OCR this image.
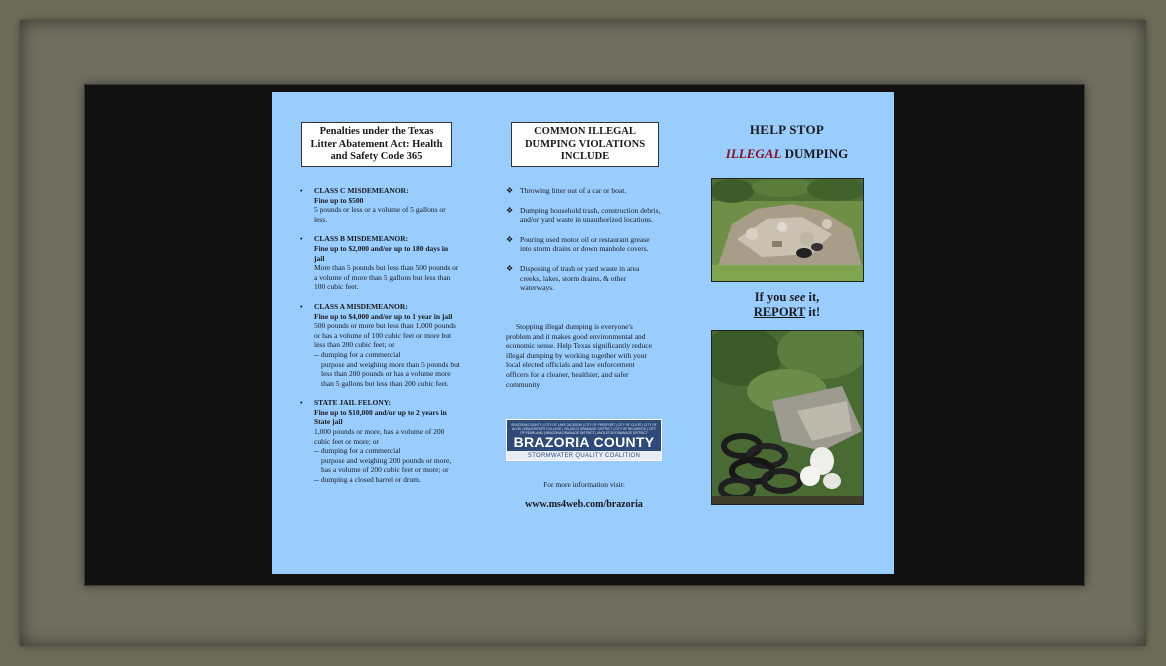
Penalties under the Texas Litter Abatement Act: Health and Safety Code 365
• CLASS C MISDEMEANOR:
Fine up to $500
5 pounds or less or a volume of 5 gallons or less.
• CLASS B MISDEMEANOR:
Fine up to $2,000 and/or up to 180 days in jail
More than 5 pounds but less than 500 pounds or a volume of more than 5 gallons but less than 100 cubic feet.
• CLASS A MISDEMEANOR:
Fine up to $4,000 and/or up to 1 year in jail
500 pounds or more but less than 1,000 pounds or has a volume of 100 cubic feet or more but less than 200 cubic feet; or
-- dumping for a commercial
purpose and weighing more than 5 pounds but less than 200 pounds or has a volume more than 5 gallons but less than 200 cubic feet.
• STATE JAIL FELONY:
Fine up to $10,000 and/or up to 2 years in State jail
1,000 pounds or more, has a volume of 200 cubic feet or more; or
-- dumping for a commercial
purpose and weighing 200 pounds or more, has a volume of 200 cubic feet or more; or
-- dumping a closed barrel or drum.
COMMON ILLEGAL DUMPING VIOLATIONS INCLUDE
❖ Throwing litter out of a car or boat.
❖ Dumping household trash, construction debris, and/or yard waste in unauthorized locations.
❖ Pouring used motor oil or restaurant grease into storm drains or down manhole covers.
❖ Disposing of trash or yard waste in area creeks, lakes, storm drains, & other waterways.
Stopping illegal dumping is everyone's problem and it makes good environmental and economic sense. Help Texas significantly reduce illegal dumping by working together with your local elected officials and law enforcement officers for a cleaner, healthier, and safer community
BRAZORIA COUNTY | CITY OF LAKE JACKSON | CITY OF FREEPORT | CITY OF CLUTE | CITY OF ALVIN | BRAZOSPORT COLLEGE | VELASCO DRAINAGE DISTRICT | CITY OF RICHWOOD | CITY OF PEARLAND | BRAZORIA DRAINAGE DISTRICT | ANGLETON DRAINAGE DISTRICT
BRAZORIA COUNTY
STORMWATER QUALITY COALITION
For more information visit:
www.ms4web.com/brazoria
HELP STOP
ILLEGAL DUMPING
If you see it,
REPORT it!
